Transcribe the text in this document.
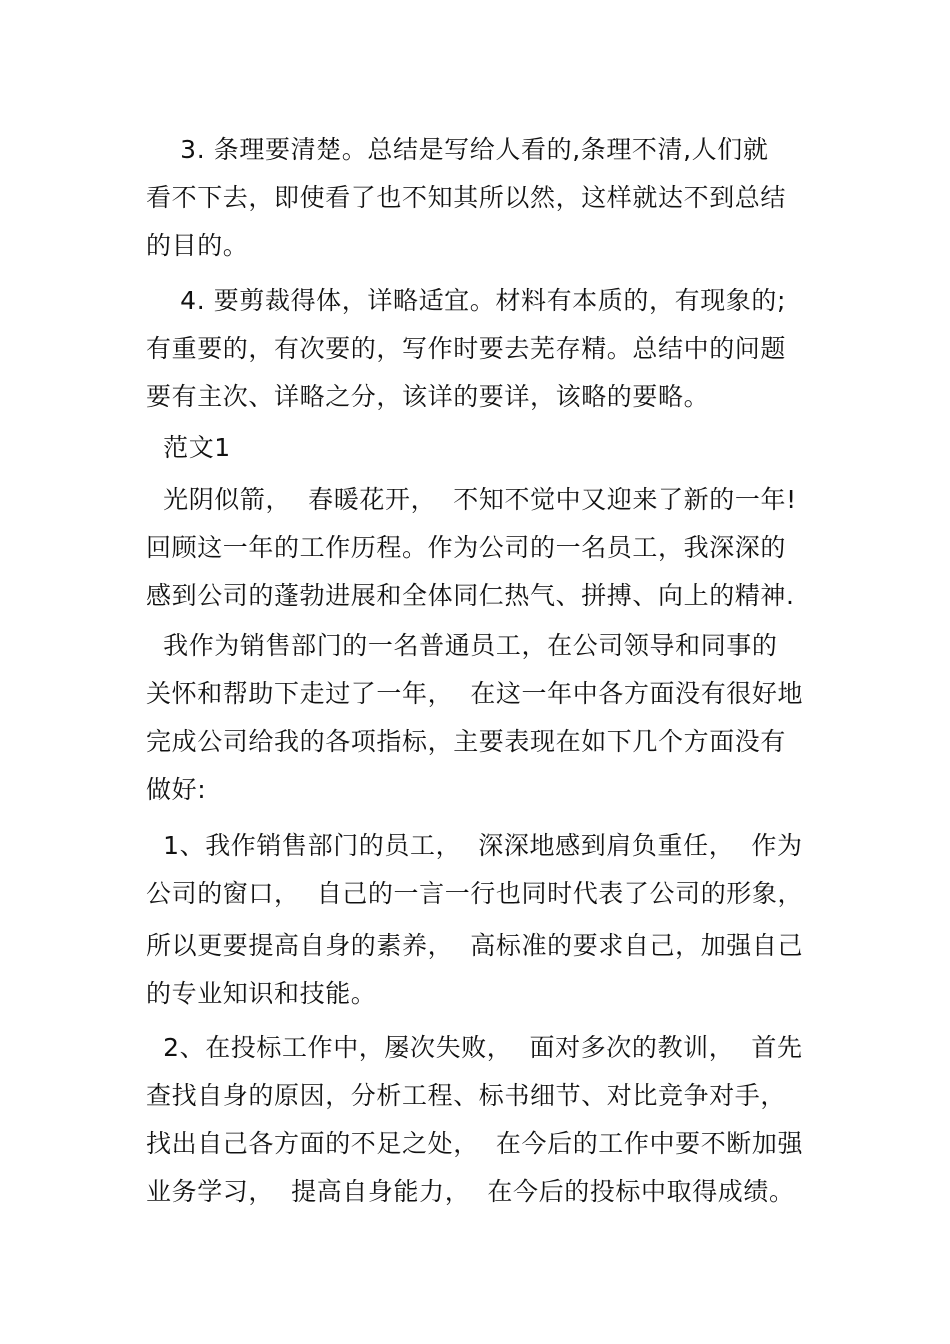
3. 条理要清楚。总结是写给人看的,条理不清,人们就

看不下去，即使看了也不知其所以然，这样就达不到总结

的目的。

4. 要剪裁得体，详略适宜。材料有本质的，有现象的;

有重要的，有次要的，写作时要去芜存精。总结中的问题

要有主次、详略之分，该详的要详，该略的要略。

范文1

光阴似箭，  春暖花开，  不知不觉中又迎来了新的一年!

回顾这一年的工作历程。作为公司的一名员工，我深深的

感到公司的蓬勃进展和全体同仁热气、拼搏、向上的精神.

我作为销售部门的一名普通员工，在公司领导和同事的

关怀和帮助下走过了一年，  在这一年中各方面没有很好地

完成公司给我的各项指标，主要表现在如下几个方面没有

做好:

1、我作销售部门的员工，  深深地感到肩负重任，  作为

公司的窗口，  自己的一言一行也同时代表了公司的形象，

所以更要提高自身的素养，  高标准的要求自己，加强自己

的专业知识和技能。

2、在投标工作中，屡次失败，  面对多次的教训，  首先

查找自身的原因，分析工程、标书细节、对比竞争对手，

找出自己各方面的不足之处，  在今后的工作中要不断加强

业务学习，  提高自身能力，  在今后的投标中取得成绩。
